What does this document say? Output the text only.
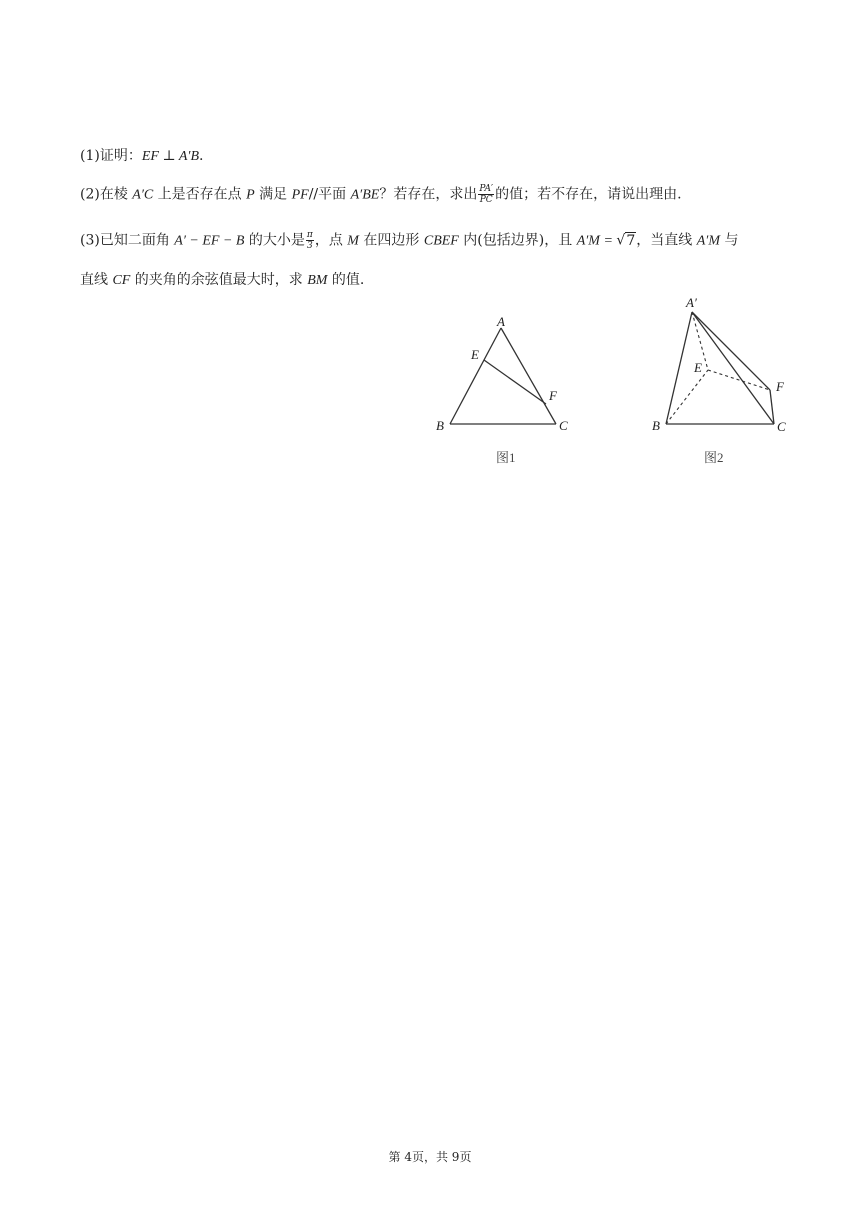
(1)证明：EF ⊥ A′B.
(2)在棱 A′C 上是否存在点 P 满足 PF//平面 A′BE？若存在，求出 $\frac{PA'}{PC}$ 的值；若不存在，请说出理由.
(3)已知二面角 A′ − EF − B 的大小是 $\frac{\pi}{3}$ ，点 M 在四边形 CBEF 内(包括边界)，且 A′M = √7，当直线 A′M 与
直线 CF 的夹角的余弦值最大时，求 BM 的值.
A
E
F
B	C
图1
A′
E
F
B	C
图2
第 4页，共 9页
